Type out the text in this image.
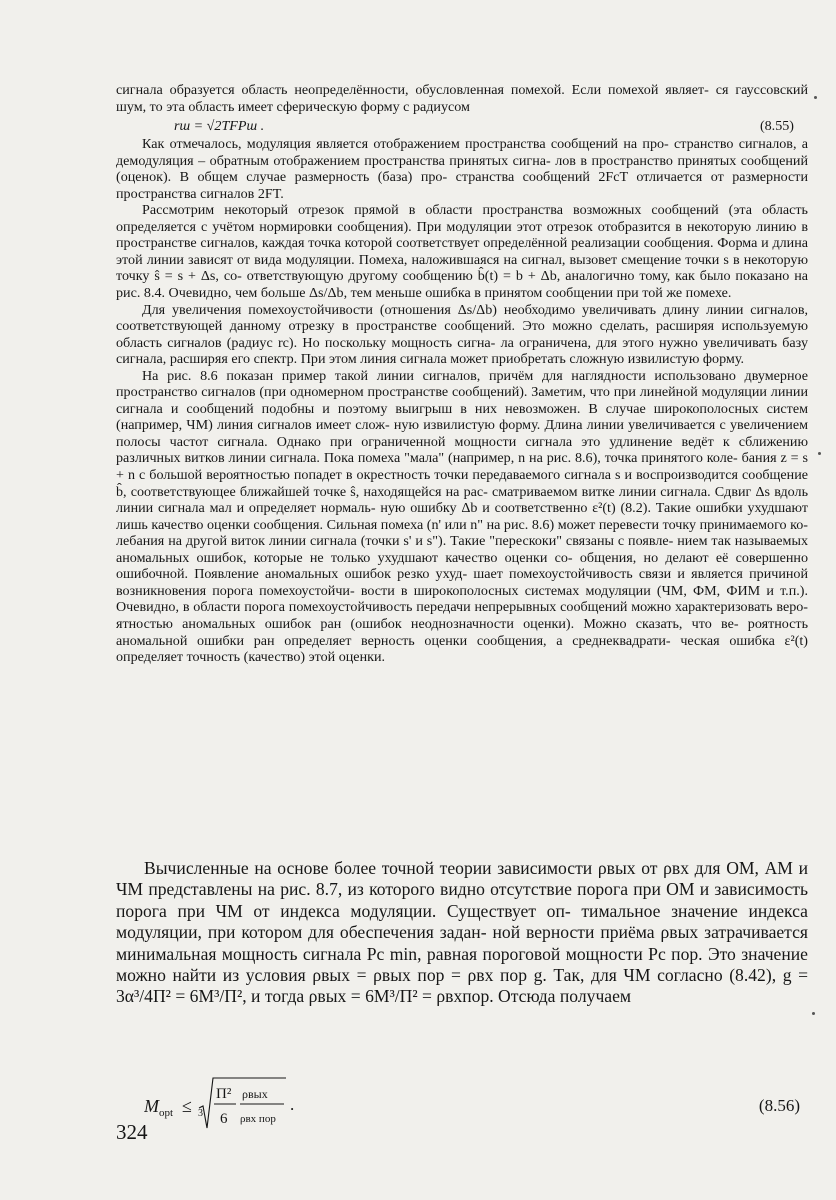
сигнала образуется область неопределённости, обусловленная помехой. Если помехой являет- ся гауссовский шум, то эта область имеет сферическую форму с радиусом

rш = √2TFPш .	(8.55)

Как отмечалось, модуляция является отображением пространства сообщений на про- странство сигналов, а демодуляция – обратным отображением пространства принятых сигна- лов в пространство принятых сообщений (оценок). В общем случае размерность (база) про- странства сообщений 2FcT отличается от размерности пространства сигналов 2FT.

Рассмотрим некоторый отрезок прямой в области пространства возможных сообщений (эта область определяется с учётом нормировки сообщения). При модуляции этот отрезок отобразится в некоторую линию в пространстве сигналов, каждая точка которой соответствует определённой реализации сообщения. Форма и длина этой линии зависят от вида модуляции. Помеха, наложившаяся на сигнал, вызовет смещение точки s в некоторую точку ŝ = s + Δs, со- ответствующую другому сообщению b̂(t) = b + Δb, аналогично тому, как было показано на рис. 8.4. Очевидно, чем больше Δs/Δb, тем меньше ошибка в принятом сообщении при той же помехе.

Для увеличения помехоустойчивости (отношения Δs/Δb) необходимо увеличивать длину линии сигналов, соответствующей данному отрезку в пространстве сообщений. Это можно сделать, расширяя используемую область сигналов (радиус rc). Но поскольку мощность сигна- ла ограничена, для этого нужно увеличивать базу сигнала, расширяя его спектр. При этом линия сигнала может приобретать сложную извилистую форму.

На рис. 8.6 показан пример такой линии сигналов, причём для наглядности использовано двумерное пространство сигналов (при одномерном пространстве сообщений). Заметим, что при линейной модуляции линии сигнала и сообщений подобны и поэтому выигрыш в них невозможен. В случае широкополосных систем (например, ЧМ) линия сигналов имеет слож- ную извилистую форму. Длина линии увеличивается с увеличением полосы частот сигнала. Однако при ограниченной мощности сигнала это удлинение ведёт к сближению различных витков линии сигнала. Пока помеха "мала" (например, n на рис. 8.6), точка принятого коле- бания z = s + n с большой вероятностью попадет в окрестность точки передаваемого сигнала s и воспроизводится сообщение b̂, соответствующее ближайшей точке ŝ, находящейся на рас- сматриваемом витке линии сигнала. Сдвиг Δs вдоль линии сигнала мал и определяет нормаль- ную ошибку Δb и соответственно ε²(t) (8.2). Такие ошибки ухудшают лишь качество оценки сообщения. Сильная помеха (n' или n" на рис. 8.6) может перевести точку принимаемого ко- лебания на другой виток линии сигнала (точки s' и s"). Такие "перескоки" связаны с появле- нием так называемых аномальных ошибок, которые не только ухудшают качество оценки со- общения, но делают её совершенно ошибочной. Появление аномальных ошибок резко ухуд- шает помехоустойчивость связи и является причиной возникновения порога помехоустойчи- вости в широкополосных системах модуляции (ЧМ, ФМ, ФИМ и т.п.). Очевидно, в области порога помехоустойчивость передачи непрерывных сообщений можно характеризовать веро- ятностью аномальных ошибок pан (ошибок неоднозначности оценки). Можно сказать, что ве- роятность аномальной ошибки pан определяет верность оценки сообщения, а среднеквадрати- ческая ошибка ε²(t) определяет точность (качество) этой оценки.

Вычисленные на основе более точной теории зависимости ρвых от ρвх для ОМ, АМ и ЧМ представлены на рис. 8.7, из которого видно отсутствие порога при ОМ и зависимость порога при ЧМ от индекса модуляции. Существует оп- тимальное значение индекса модуляции, при котором для обеспечения задан- ной верности приёма ρвых затрачивается минимальная мощность сигнала Pc min, равная пороговой мощности Pc пор. Это значение можно найти из условия ρвых = ρвых пор = ρвх пор g. Так, для ЧМ согласно (8.42), g = 3α³/4Π² = 6M³/Π², и тогда ρвых = 6M³/Π² = ρвхпор. Отсюда получаем

M opt ≤ 3
Π²
6
ρвых
ρвх пор
.	(8.56)
324
